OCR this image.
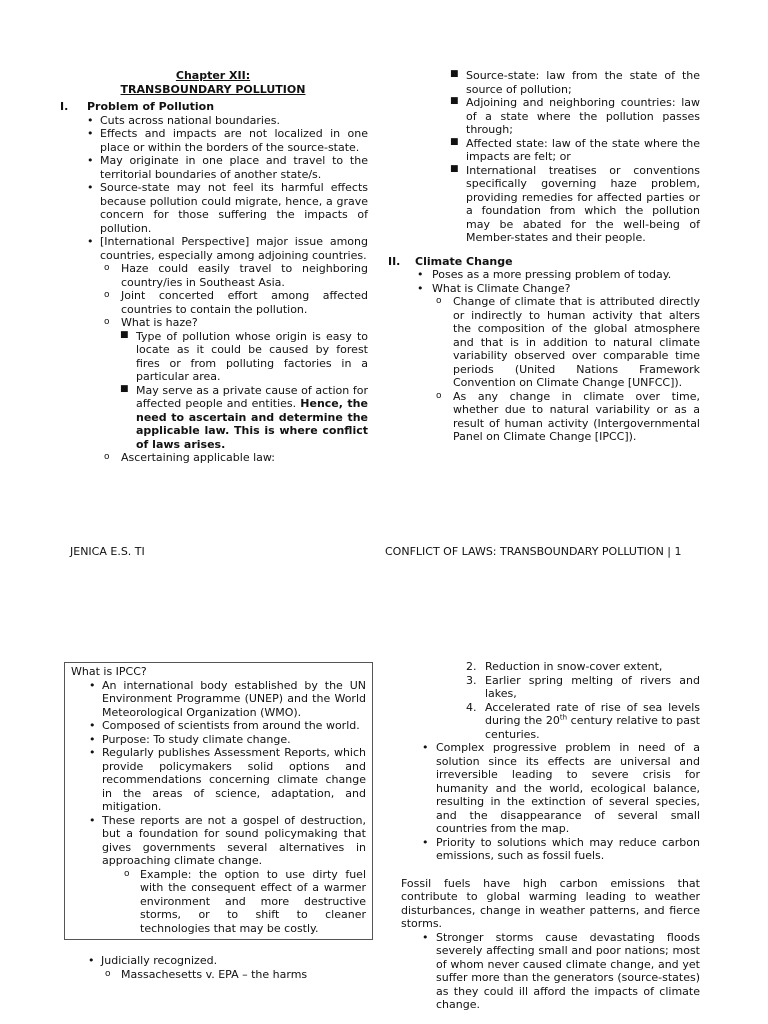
Chapter XII:
TRANSBOUNDARY POLLUTION
I. Problem of Pollution
• Cuts across national boundaries.
• Effects and impacts are not localized in one place or within the borders of the source-state.
• May originate in one place and travel to the territorial boundaries of another state/s.
• Source-state may not feel its harmful effects because pollution could migrate, hence, a grave concern for those suffering the impacts of pollution.
• [International Perspective] major issue among countries, especially among adjoining countries.
o Haze could easily travel to neighboring country/ies in Southeast Asia.
o Joint concerted effort among affected countries to contain the pollution.
o What is haze?
■ Type of pollution whose origin is easy to locate as it could be caused by forest fires or from polluting factories in a particular area.
■ May serve as a private cause of action for affected people and entities. Hence, the need to ascertain and determine the applicable law. This is where conflict of laws arises.
o Ascertaining applicable law:
■ Source-state: law from the state of the source of pollution;
■ Adjoining and neighboring countries: law of a state where the pollution passes through;
■ Affected state: law of the state where the impacts are felt; or
■ International treatises or conventions specifically governing haze problem, providing remedies for affected parties or a foundation from which the pollution may be abated for the well-being of Member-states and their people.
II. Climate Change
• Poses as a more pressing problem of today.
• What is Climate Change?
o Change of climate that is attributed directly or indirectly to human activity that alters the composition of the global atmosphere and that is in addition to natural climate variability observed over comparable time periods (United Nations Framework Convention on Climate Change [UNFCC]).
o As any change in climate over time, whether due to natural variability or as a result of human activity (Intergovernmental Panel on Climate Change [IPCC]).
JENICA E.S. TI	CONFLICT OF LAWS: TRANSBOUNDARY POLLUTION | 1
What is IPCC?
• An international body established by the UN Environment Programme (UNEP) and the World Meteorological Organization (WMO).
• Composed of scientists from around the world.
• Purpose: To study climate change.
• Regularly publishes Assessment Reports, which provide policymakers solid options and recommendations concerning climate change in the areas of science, adaptation, and mitigation.
• These reports are not a gospel of destruction, but a foundation for sound policymaking that gives governments several alternatives in approaching climate change.
o Example: the option to use dirty fuel with the consequent effect of a warmer environment and more destructive storms, or to shift to cleaner technologies that may be costly.
• Judicially recognized.
o Massachesetts v. EPA – the harms
2. Reduction in snow-cover extent,
3. Earlier spring melting of rivers and lakes,
4. Accelerated rate of rise of sea levels during the 20th century relative to past centuries.
• Complex progressive problem in need of a solution since its effects are universal and irreversible leading to severe crisis for humanity and the world, ecological balance, resulting in the extinction of several species, and the disappearance of several small countries from the map.
• Priority to solutions which may reduce carbon emissions, such as fossil fuels.

Fossil fuels have high carbon emissions that contribute to global warming leading to weather disturbances, change in weather patterns, and fierce storms.

• Stronger storms cause devastating floods severely affecting small and poor nations; most of whom never caused climate change, and yet suffer more than the generators (source-states) as they could ill afford the impacts of climate change.
